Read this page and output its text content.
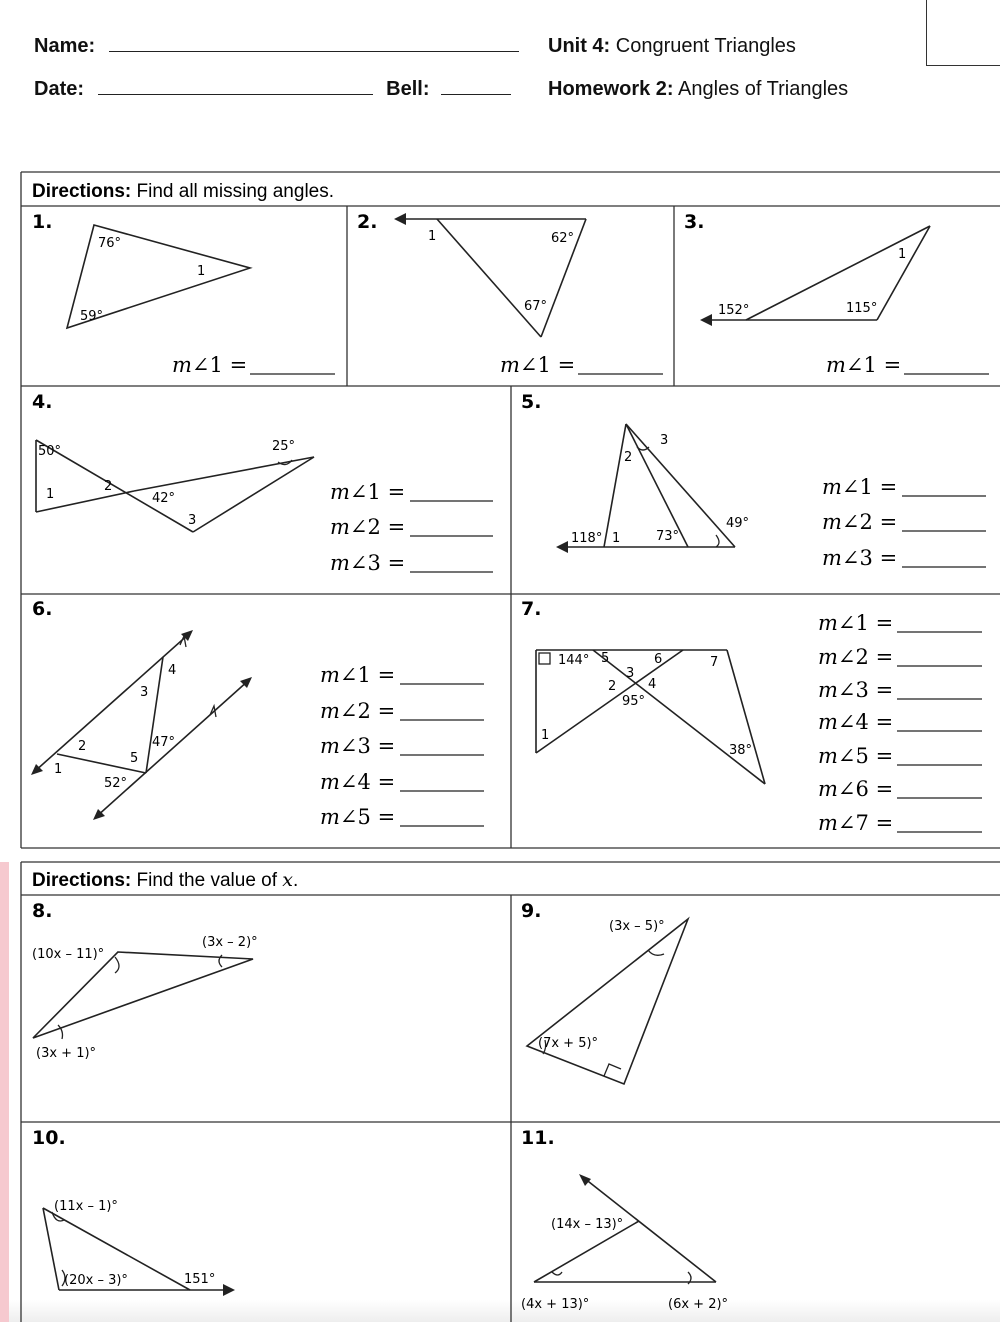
Name:
Date:	Bell:
Unit 4: Congruent Triangles
Homework 2: Angles of Triangles
Directions: Find all missing angles.
Directions: Find the value of x.
1.	2.	3.
4.	5.
6.	7.
8.	9.
10.	11.
76°
1
59°
m∠1 =
1	62°
67°
m∠1 =
1
152°	115°
m∠1 =
50°	25°
1
2
42°
3
m∠1 =
m∠2 =
m∠3 =
3
2
49°
118° 1	73°
m∠1 =
m∠2 =
m∠3 =
4
3
47°
2
5
1
52°
m∠1 =
m∠2 =
m∠3 =
m∠4 =
m∠5 =
144° 5	6	7
3
2 4
95°
1
38°
m∠1 =
m∠2 =
m∠3 =
m∠4 =
m∠5 =
m∠6 =
m∠7 =
(10x – 11)°
(3x – 2)°
(3x + 1)°
(3x – 5)°
(7x + 5)°
(11x – 1)°
(20x – 3)°	151°
(14x – 13)°
(4x + 13)°	(6x + 2)°
